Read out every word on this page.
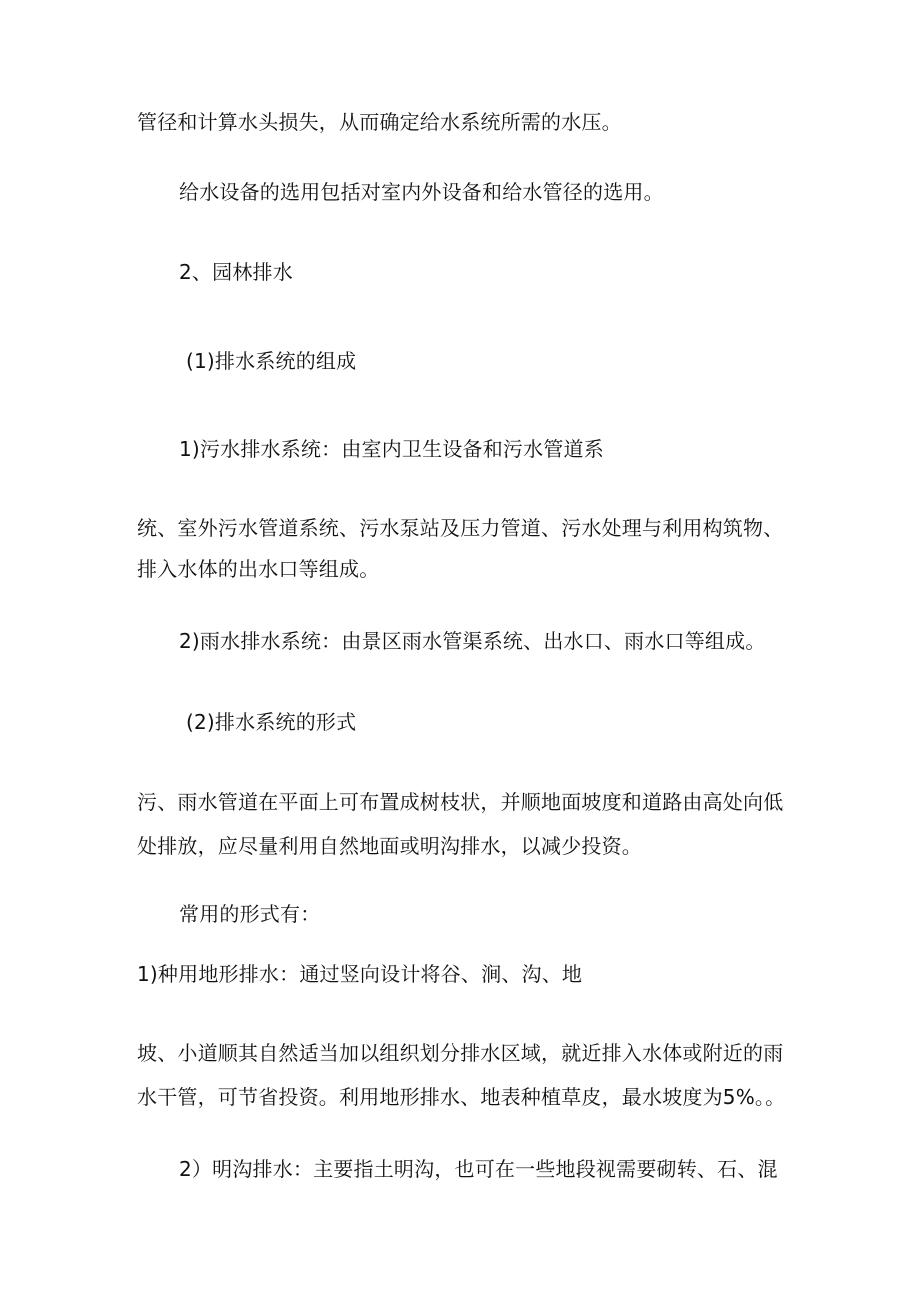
管径和计算水头损失，从而确定给水系统所需的水压。
给水设备的选用包括对室内外设备和给水管径的选用。
2、园林排水
(1)排水系统的组成
1)污水排水系统：由室内卫生设备和污水管道系
统、室外污水管道系统、污水泵站及压力管道、污水处理与利用构筑物、
排入水体的出水口等组成。
2)雨水排水系统：由景区雨水管渠系统、出水口、雨水口等组成。
(2)排水系统的形式
污、雨水管道在平面上可布置成树枝状，并顺地面坡度和道路由高处向低
处排放，应尽量利用自然地面或明沟排水，以减少投资。
常用的形式有：
1)种用地形排水：通过竖向设计将谷、涧、沟、地
坡、小道顺其自然适当加以组织划分排水区域，就近排入水体或附近的雨
水干管，可节省投资。利用地形排水、地表种植草皮，最水坡度为5%。。
2）明沟排水：主要指土明沟，也可在一些地段视需要砌转、石、混
